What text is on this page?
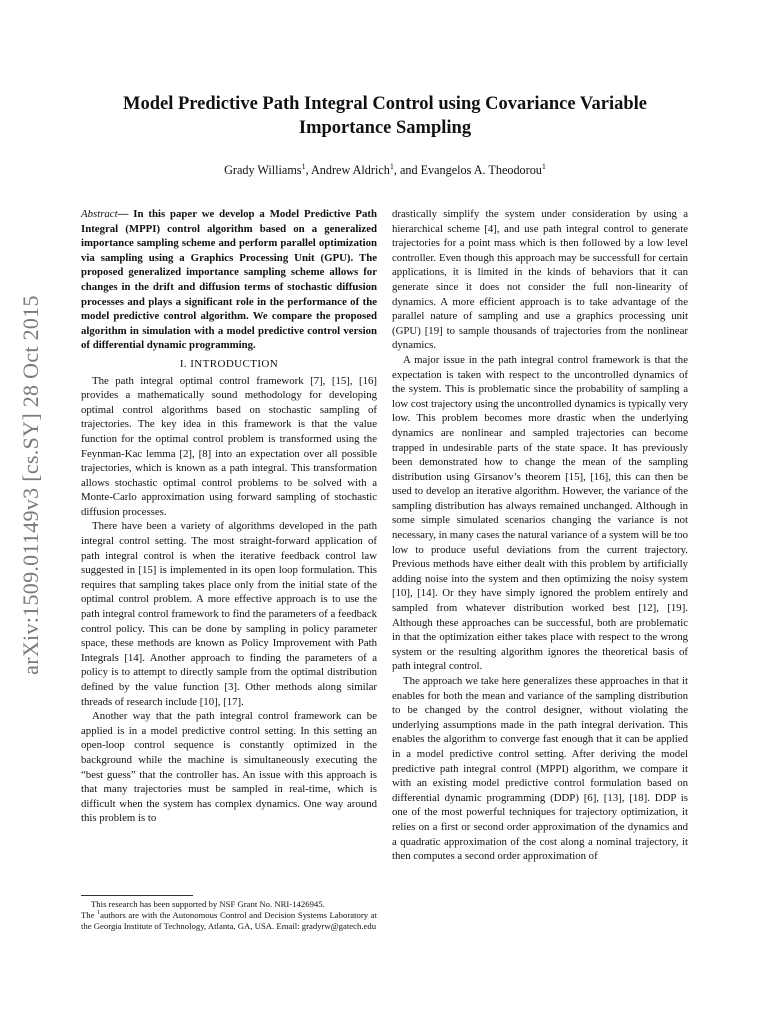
arXiv:1509.01149v3 [cs.SY] 28 Oct 2015
Model Predictive Path Integral Control using Covariance Variable
Importance Sampling

Grady Williams$^1$, Andrew Aldrich$^1$, and Evangelos A. Theodorou$^1$

Abstract— In this paper we develop a Model Predictive Path Integral (MPPI) control algorithm based on a generalized importance sampling scheme and perform parallel optimization via sampling using a Graphics Processing Unit (GPU). The proposed generalized importance sampling scheme allows for changes in the drift and diffusion terms of stochastic diffusion processes and plays a significant role in the performance of the model predictive control algorithm. We compare the proposed algorithm in simulation with a model predictive control version of differential dynamic programming.

I. INTRODUCTION

The path integral optimal control framework [7], [15], [16] provides a mathematically sound methodology for developing optimal control algorithms based on stochastic sampling of trajectories. The key idea in this framework is that the value function for the optimal control problem is transformed using the Feynman-Kac lemma [2], [8] into an expectation over all possible trajectories, which is known as a path integral. This transformation allows stochastic optimal control problems to be solved with a Monte-Carlo approximation using forward sampling of stochastic diffusion processes.

There have been a variety of algorithms developed in the path integral control setting. The most straight-forward application of path integral control is when the iterative feedback control law suggested in [15] is implemented in its open loop formulation. This requires that sampling takes place only from the initial state of the optimal control problem. A more effective approach is to use the path integral control framework to find the parameters of a feedback control policy. This can be done by sampling in policy parameter space, these methods are known as Policy Improvement with Path Integrals [14]. Another approach to finding the parameters of a policy is to attempt to directly sample from the optimal distribution defined by the value function [3]. Other methods along similar threads of research include [10], [17].

Another way that the path integral control framework can be applied is in a model predictive control setting. In this setting an open-loop control sequence is constantly optimized in the background while the machine is simultaneously executing the “best guess” that the controller has. An issue with this approach is that many trajectories must be sampled in real-time, which is difficult when the system has complex dynamics. One way around this problem is to

drastically simplify the system under consideration by using a hierarchical scheme [4], and use path integral control to generate trajectories for a point mass which is then followed by a low level controller. Even though this approach may be successfull for certain applications, it is limited in the kinds of behaviors that it can generate since it does not consider the full non-linearity of dynamics. A more efficient approach is to take advantage of the parallel nature of sampling and use a graphics processing unit (GPU) [19] to sample thousands of trajectories from the nonlinear dynamics.

A major issue in the path integral control framework is that the expectation is taken with respect to the uncontrolled dynamics of the system. This is problematic since the probability of sampling a low cost trajectory using the uncontrolled dynamics is typically very low. This problem becomes more drastic when the underlying dynamics are nonlinear and sampled trajectories can become trapped in undesirable parts of the state space. It has previously been demonstrated how to change the mean of the sampling distribution using Girsanov’s theorem [15], [16], this can then be used to develop an iterative algorithm. However, the variance of the sampling distribution has always remained unchanged. Although in some simple simulated scenarios changing the variance is not necessary, in many cases the natural variance of a system will be too low to produce useful deviations from the current trajectory. Previous methods have either dealt with this problem by artificially adding noise into the system and then optimizing the noisy system [10], [14]. Or they have simply ignored the problem entirely and sampled from whatever distribution worked best [12], [19]. Although these approaches can be successful, both are problematic in that the optimization either takes place with respect to the wrong system or the resulting algorithm ignores the theoretical basis of path integral control.

The approach we take here generalizes these approaches in that it enables for both the mean and variance of the sampling distribution to be changed by the control designer, without violating the underlying assumptions made in the path integral derivation. This enables the algorithm to converge fast enough that it can be applied in a model predictive control setting. After deriving the model predictive path integral control (MPPI) algorithm, we compare it with an existing model predictive control formulation based on differential dynamic programming (DDP) [6], [13], [18]. DDP is one of the most powerful techniques for trajectory optimization, it relies on a first or second order approximation of the dynamics and a quadratic approximation of the cost along a nominal trajectory, it then computes a second order approximation of

This research has been supported by NSF Grant No. NRI-1426945.

The $^1$authors are with the Autonomous Control and Decision Systems Laboratory at the Georgia Institute of Technology, Atlanta, GA, USA. Email: gradyrw@gatech.edu
